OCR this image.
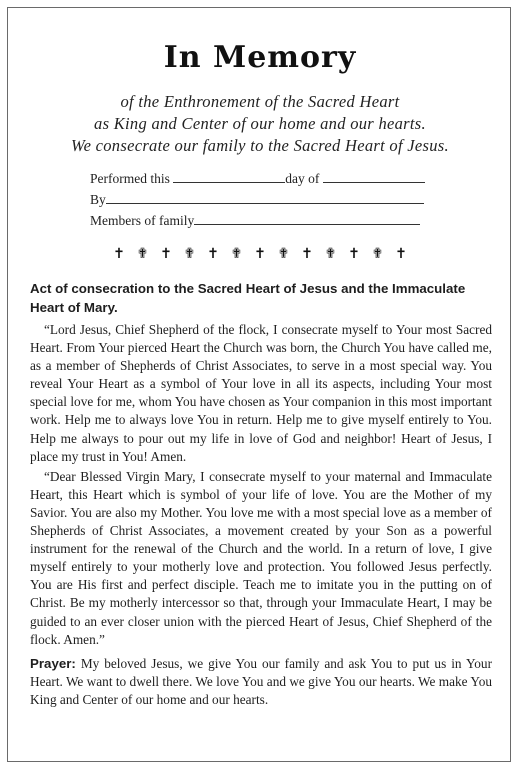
In Memory
of the Enthronement of the Sacred Heart
as King and Center of our home and our hearts.
We consecrate our family to the Sacred Heart of Jesus.
Performed this	day of
By
Members of family
✝ ✟ ✝ ✟ ✝ ✟ ✝ ✟ ✝ ✟ ✝ ✟ ✝

Act of consecration to the Sacred Heart of Jesus and the Immaculate Heart of Mary.

“Lord Jesus, Chief Shepherd of the flock, I consecrate myself to Your most Sacred Heart. From Your pierced Heart the Church was born, the Church You have called me, as a member of Shepherds of Christ Associates, to serve in a most special way. You reveal Your Heart as a symbol of Your love in all its aspects, including Your most special love for me, whom You have chosen as Your companion in this most important work. Help me to always love You in return. Help me to give myself entirely to You. Help me always to pour out my life in love of God and neighbor! Heart of Jesus, I place my trust in You! Amen.

“Dear Blessed Virgin Mary, I consecrate myself to your maternal and Immaculate Heart, this Heart which is symbol of your life of love. You are the Mother of my Savior. You are also my Mother. You love me with a most special love as a member of Shepherds of Christ Associates, a movement created by your Son as a powerful instrument for the renewal of the Church and the world. In a return of love, I give myself entirely to your motherly love and protection. You followed Jesus perfectly. You are His first and perfect disciple. Teach me to imitate you in the putting on of Christ. Be my motherly intercessor so that, through your Immaculate Heart, I may be guided to an ever closer union with the pierced Heart of Jesus, Chief Shepherd of the flock. Amen.”

Prayer: My beloved Jesus, we give You our family and ask You to put us in Your Heart. We want to dwell there. We love You and we give You our hearts. We make You King and Center of our home and our hearts.
